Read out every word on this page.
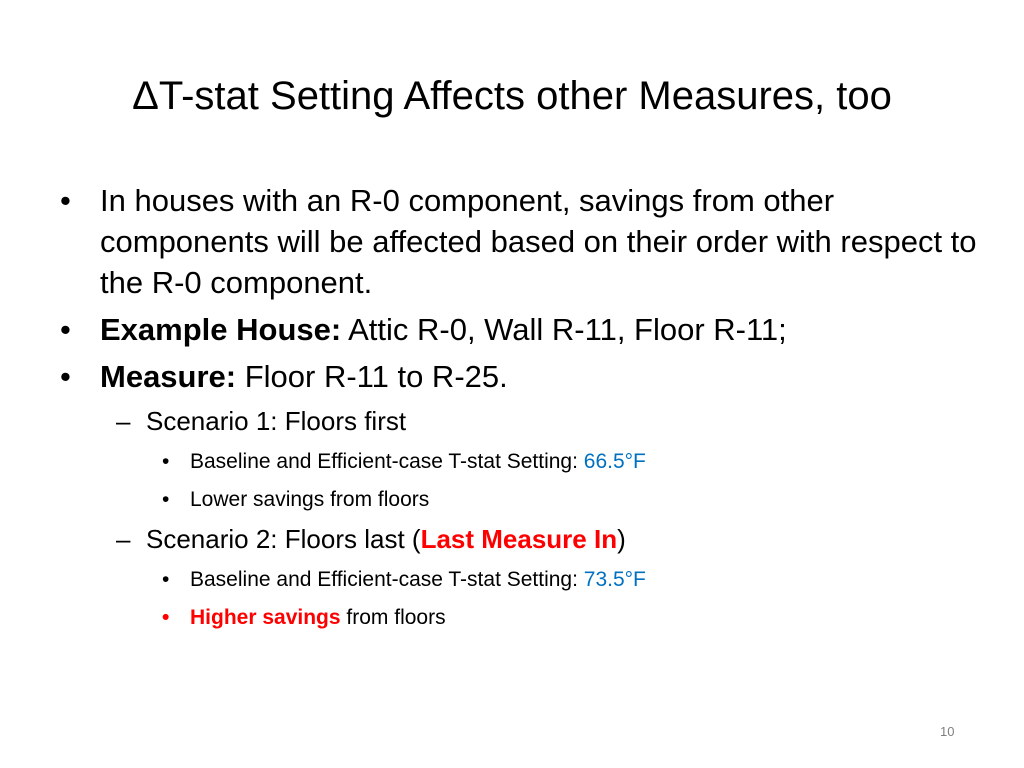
ΔT-stat Setting Affects other Measures, too
• In houses with an R-0 component, savings from other components will be affected based on their order with respect to the R-0 component.
• Example House: Attic R-0, Wall R-11, Floor R-11;
• Measure: Floor R-11 to R-25.
– Scenario 1: Floors first
• Baseline and Efficient-case T-stat Setting: 66.5°F
• Lower savings from floors
– Scenario 2: Floors last (Last Measure In)
• Baseline and Efficient-case T-stat Setting: 73.5°F
• Higher savings from floors
10
